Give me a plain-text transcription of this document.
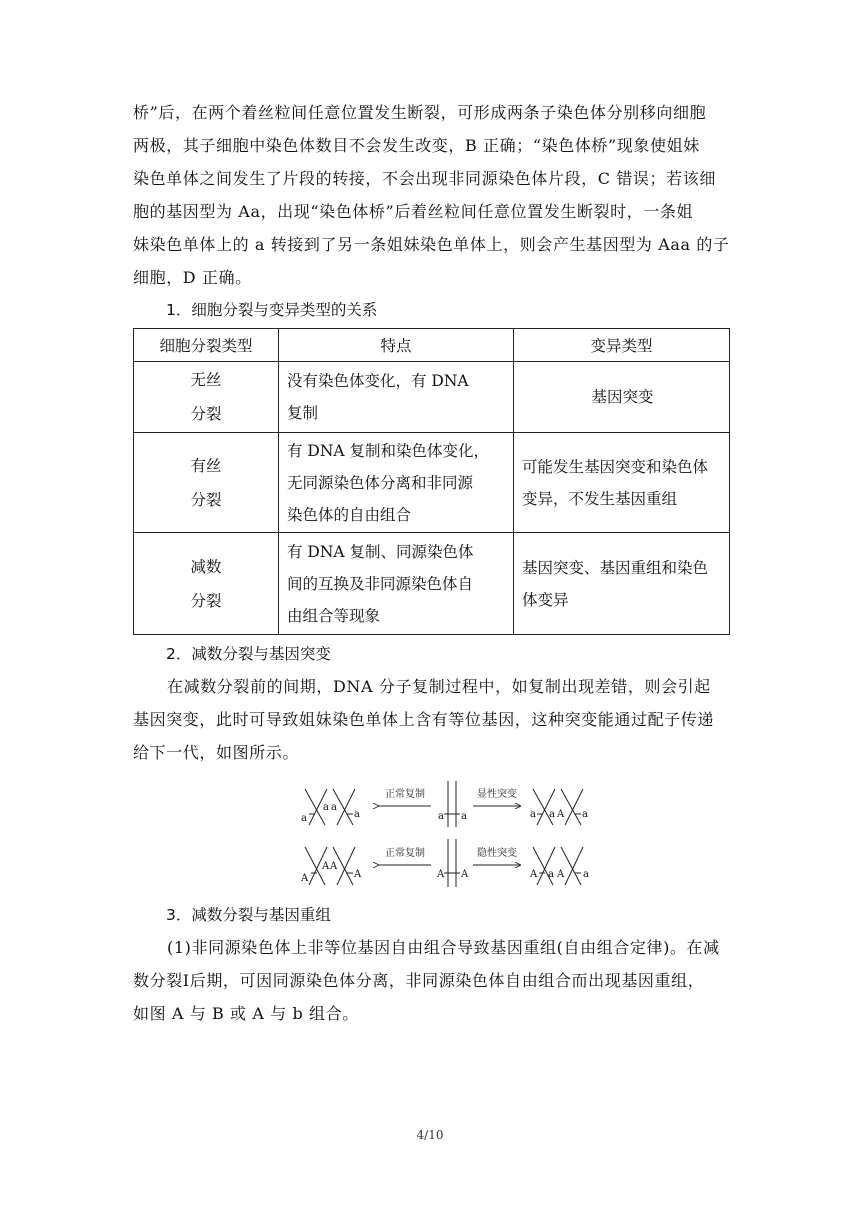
桥”后，在两个着丝粒间任意位置发生断裂，可形成两条子染色体分别移向细胞
两极，其子细胞中染色体数目不会发生改变，B 正确；“染色体桥”现象使姐妹
染色单体之间发生了片段的转接，不会出现非同源染色体片段，C 错误；若该细
胞的基因型为 Aa，出现“染色体桥”后着丝粒间任意位置发生断裂时，一条姐
妹染色单体上的 a 转接到了另一条姐妹染色单体上，则会产生基因型为 Aaa 的子
细胞，D 正确。

1．细胞分裂与变异类型的关系

细胞分裂类型	特点	变异类型

无丝
分裂	没有染色体变化，有 DNA
复制	基因突变

有丝
分裂	有 DNA 复制和染色体变化，
无同源染色体分离和非同源
染色体的自由组合	可能发生基因突变和染色体
变异，不发生基因重组

减数
分裂	有 DNA 复制、同源染色体
间的互换及非同源染色体自
由组合等现象	基因突变、基因重组和染色
体变异

2．减数分裂与基因突变

在减数分裂前的间期，DNA 分子复制过程中，如复制出现差错，则会引起
基因突变，此时可导致姐妹染色单体上含有等位基因，这种突变能通过配子传递
给下一代，如图所示。

正常复制	显性突变
a
a a
a	a a	a a A a
正常复制	隐性突变
A
A A
A	A A	A a A a

3．减数分裂与基因重组

(1)非同源染色体上非等位基因自由组合导致基因重组(自由组合定律)。在减
数分裂Ⅰ后期，可因同源染色体分离，非同源染色体自由组合而出现基因重组，
如图 A 与 B 或 A 与 b 组合。

4/10
